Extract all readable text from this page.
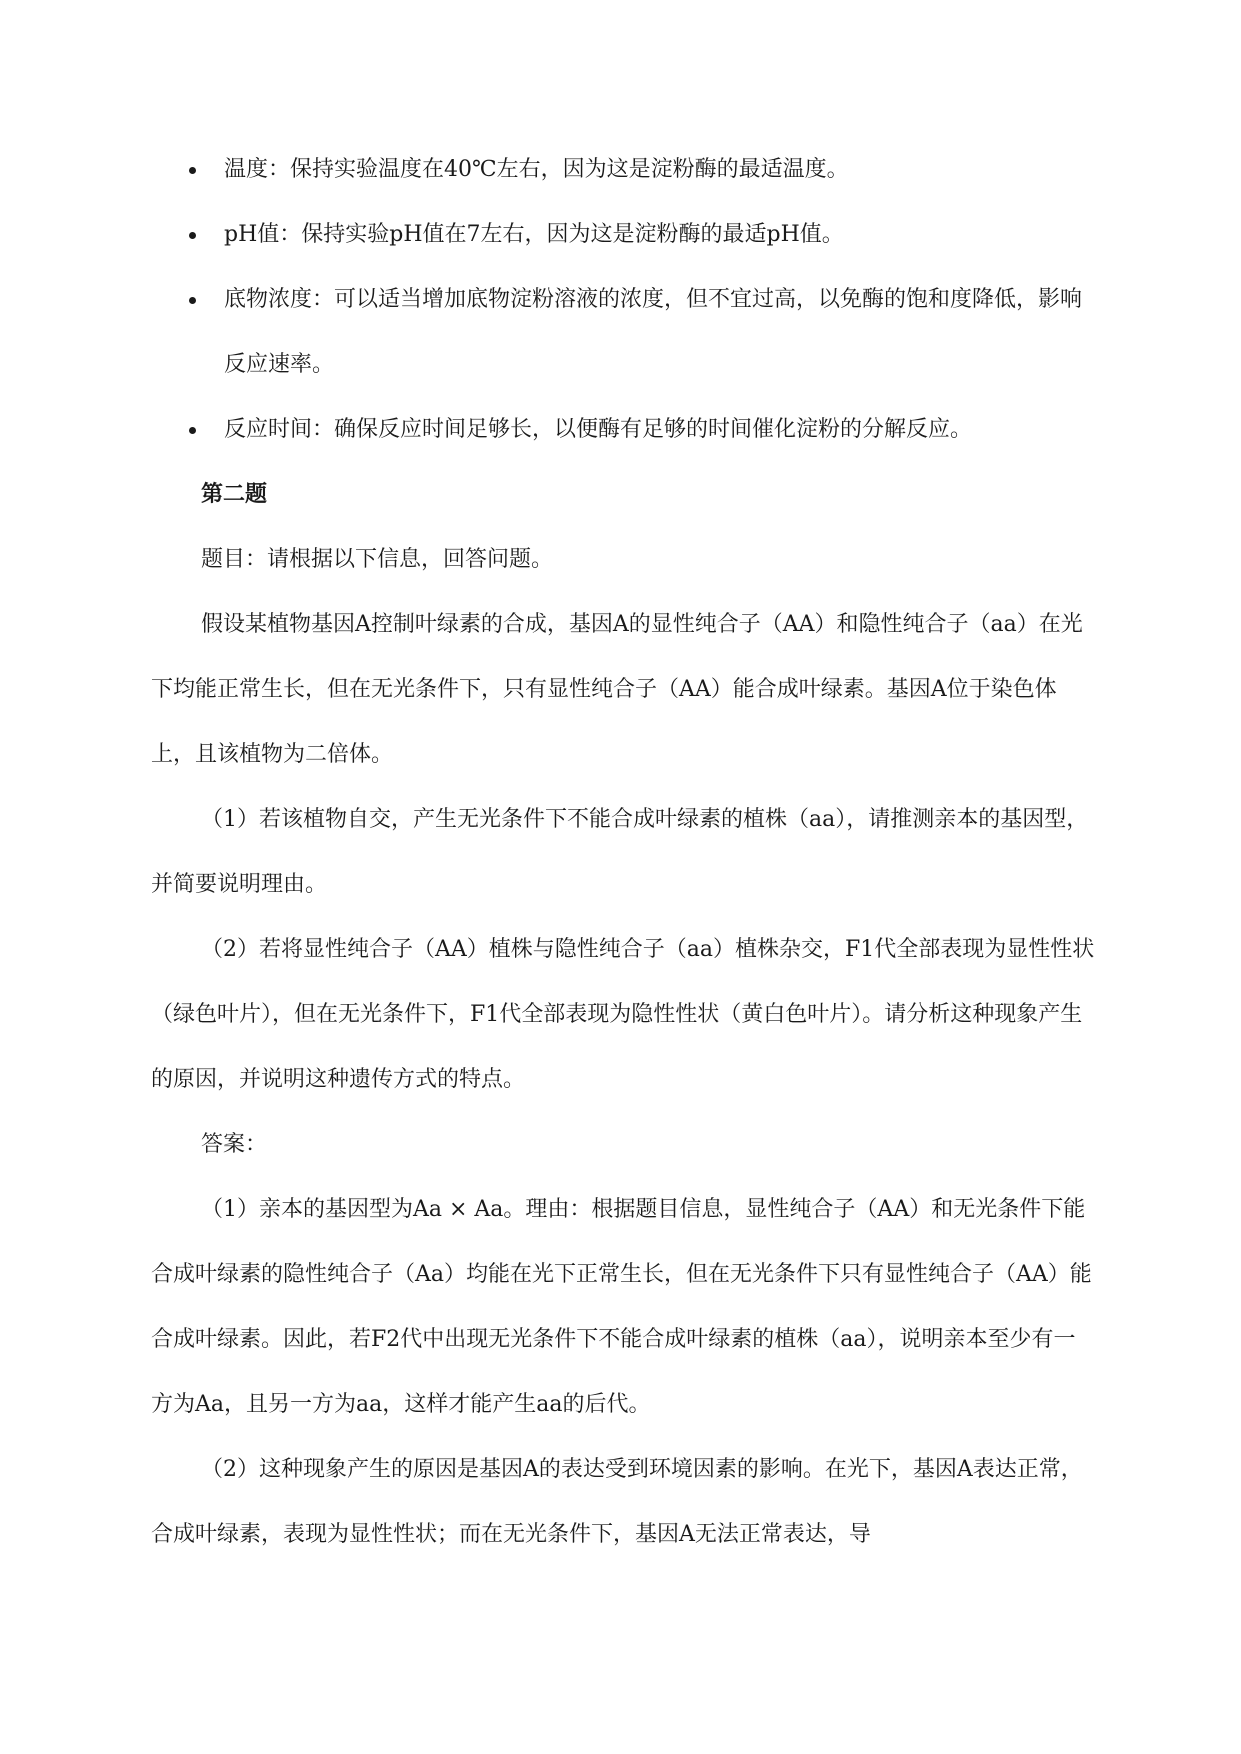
温度：保持实验温度在40℃左右，因为这是淀粉酶的最适温度。
pH值：保持实验pH值在7左右，因为这是淀粉酶的最适pH值。
底物浓度：可以适当增加底物淀粉溶液的浓度，但不宜过高，以免酶的饱和度降低，影响反应速率。
反应时间：确保反应时间足够长，以便酶有足够的时间催化淀粉的分解反应。

第二题

题目：请根据以下信息，回答问题。

假设某植物基因A控制叶绿素的合成，基因A的显性纯合子（AA）和隐性纯合子（aa）在光下均能正常生长，但在无光条件下，只有显性纯合子（AA）能合成叶绿素。基因A位于染色体上，且该植物为二倍体。

（1）若该植物自交，产生无光条件下不能合成叶绿素的植株（aa），请推测亲本的基因型，并简要说明理由。

（2）若将显性纯合子（AA）植株与隐性纯合子（aa）植株杂交，F1代全部表现为显性性状（绿色叶片），但在无光条件下，F1代全部表现为隐性性状（黄白色叶片）。请分析这种现象产生的原因，并说明这种遗传方式的特点。

答案：

（1）亲本的基因型为Aa × Aa。理由：根据题目信息，显性纯合子（AA）和无光条件下能合成叶绿素的隐性纯合子（Aa）均能在光下正常生长，但在无光条件下只有显性纯合子（AA）能合成叶绿素。因此，若F2代中出现无光条件下不能合成叶绿素的植株（aa），说明亲本至少有一方为Aa，且另一方为aa，这样才能产生aa的后代。

（2）这种现象产生的原因是基因A的表达受到环境因素的影响。在光下，基因A表达正常，合成叶绿素，表现为显性性状；而在无光条件下，基因A无法正常表达，导
